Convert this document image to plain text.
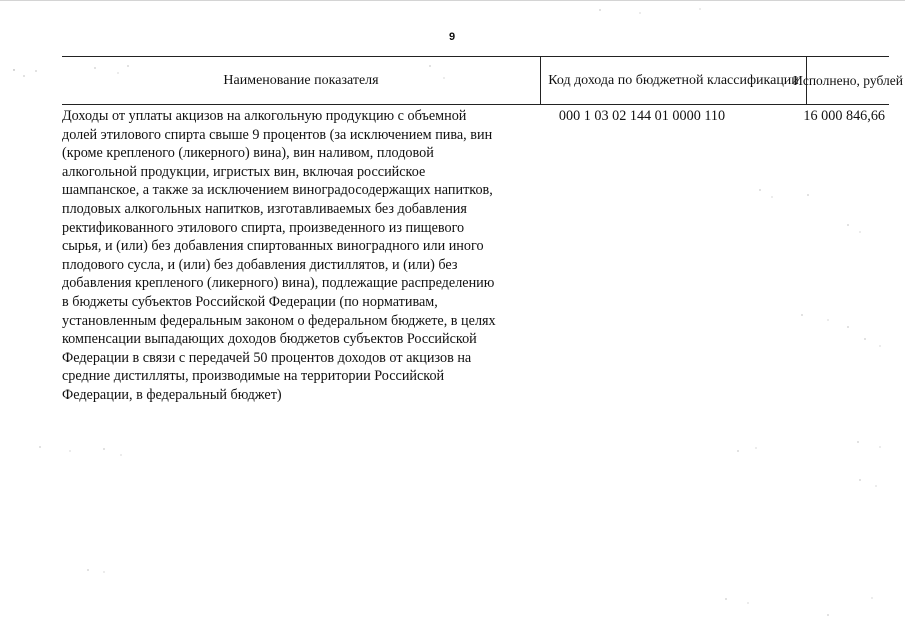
9
Наименование показателя	Код дохода по бюджетной классификации
Исполнено, рублей
Доходы от уплаты акцизов на алкогольную продукцию с объемной
долей этилового спирта свыше 9 процентов (за исключением пива, вин
(кроме крепленого (ликерного) вина), вин наливом, плодовой
алкогольной продукции, игристых вин, включая российское
шампанское, а также за исключением виноградосодержащих напитков,
плодовых алкогольных напитков, изготавливаемых без добавления
ректификованного этилового спирта, произведенного из пищевого
сырья, и (или) без добавления спиртованных виноградного или иного
плодового сусла, и (или) без добавления дистиллятов, и (или) без
добавления крепленого (ликерного) вина), подлежащие распределению
в бюджеты субъектов Российской Федерации (по нормативам,
установленным федеральным законом о федеральном бюджете, в целях
компенсации выпадающих доходов бюджетов субъектов Российской
Федерации в связи с передачей 50 процентов доходов от акцизов на
средние дистилляты, производимые на территории Российской
Федерации, в федеральный бюджет)
000 1 03 02 144 01 0000 110	16 000 846,66
